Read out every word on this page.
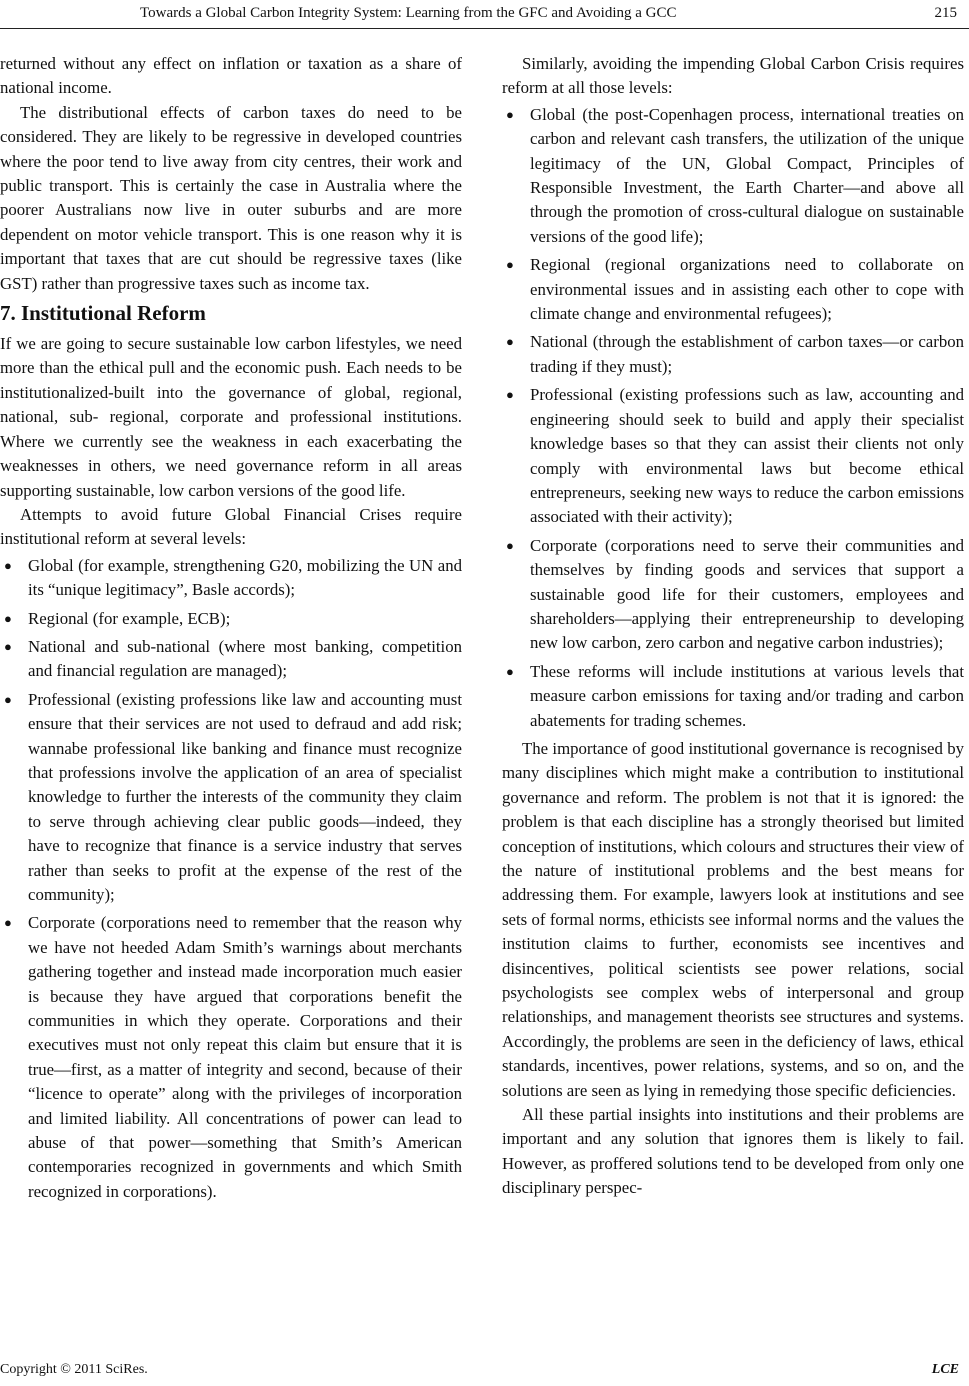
Towards a Global Carbon Integrity System: Learning from the GFC and Avoiding a GCC	215

returned without any effect on inflation or taxation as a share of national income.

The distributional effects of carbon taxes do need to be considered. They are likely to be regressive in developed countries where the poor tend to live away from city centres, their work and public transport. This is certainly the case in Australia where the poorer Australians now live in outer suburbs and are more dependent on motor vehicle transport. This is one reason why it is important that taxes that are cut should be regressive taxes (like GST) rather than progressive taxes such as income tax.

7. Institutional Reform

If we are going to secure sustainable low carbon lifestyles, we need more than the ethical pull and the economic push. Each needs to be institutionalized-built into the governance of global, regional, national, sub- regional, corporate and professional institutions. Where we currently see the weakness in each exacerbating the weaknesses in others, we need governance reform in all areas supporting sustainable, low carbon versions of the good life.

Attempts to avoid future Global Financial Crises require institutional reform at several levels:

● Global (for example, strengthening G20, mobilizing the UN and its “unique legitimacy”, Basle accords);
● Regional (for example, ECB);
● National and sub-national (where most banking, competition and financial regulation are managed);
● Professional (existing professions like law and accounting must ensure that their services are not used to defraud and add risk; wannabe professional like banking and finance must recognize that professions involve the application of an area of specialist knowledge to further the interests of the community they claim to serve through achieving clear public goods—indeed, they have to recognize that finance is a service industry that serves rather than seeks to profit at the expense of the rest of the community);
● Corporate (corporations need to remember that the reason why we have not heeded Adam Smith’s warnings about merchants gathering together and instead made incorporation much easier is because they have argued that corporations benefit the communities in which they operate. Corporations and their executives must not only repeat this claim but ensure that it is true—first, as a matter of integrity and second, because of their “licence to operate” along with the privileges of incorporation and limited liability. All concentrations of power can lead to abuse of that power—something that Smith’s American contemporaries recognized in governments and which Smith recognized in corporations).

Similarly, avoiding the impending Global Carbon Crisis requires reform at all those levels:

● Global (the post-Copenhagen process, international treaties on carbon and relevant cash transfers, the utilization of the unique legitimacy of the UN, Global Compact, Principles of Responsible Investment, the Earth Charter—and above all through the promotion of cross-cultural dialogue on sustainable versions of the good life);
● Regional (regional organizations need to collaborate on environmental issues and in assisting each other to cope with climate change and environmental refugees);
● National (through the establishment of carbon taxes—or carbon trading if they must);
● Professional (existing professions such as law, accounting and engineering should seek to build and apply their specialist knowledge bases so that they can assist their clients not only comply with environmental laws but become ethical entrepreneurs, seeking new ways to reduce the carbon emissions associated with their activity);
● Corporate (corporations need to serve their communities and themselves by finding goods and services that support a sustainable good life for their customers, employees and shareholders—applying their entrepreneurship to developing new low carbon, zero carbon and negative carbon industries);
● These reforms will include institutions at various levels that measure carbon emissions for taxing and/or trading and carbon abatements for trading schemes.

The importance of good institutional governance is recognised by many disciplines which might make a contribution to institutional governance and reform. The problem is not that it is ignored: the problem is that each discipline has a strongly theorised but limited conception of institutions, which colours and structures their view of the nature of institutional problems and the best means for addressing them. For example, lawyers look at institutions and see sets of formal norms, ethicists see informal norms and the values the institution claims to further, economists see incentives and disincentives, political scientists see power relations, social psychologists see complex webs of interpersonal and group relationships, and management theorists see structures and systems. Accordingly, the problems are seen in the deficiency of laws, ethical standards, incentives, power relations, systems, and so on, and the solutions are seen as lying in remedying those specific deficiencies.

All these partial insights into institutions and their problems are important and any solution that ignores them is likely to fail. However, as proffered solutions tend to be developed from only one disciplinary perspec-

Copyright © 2011 SciRes.	LCE
